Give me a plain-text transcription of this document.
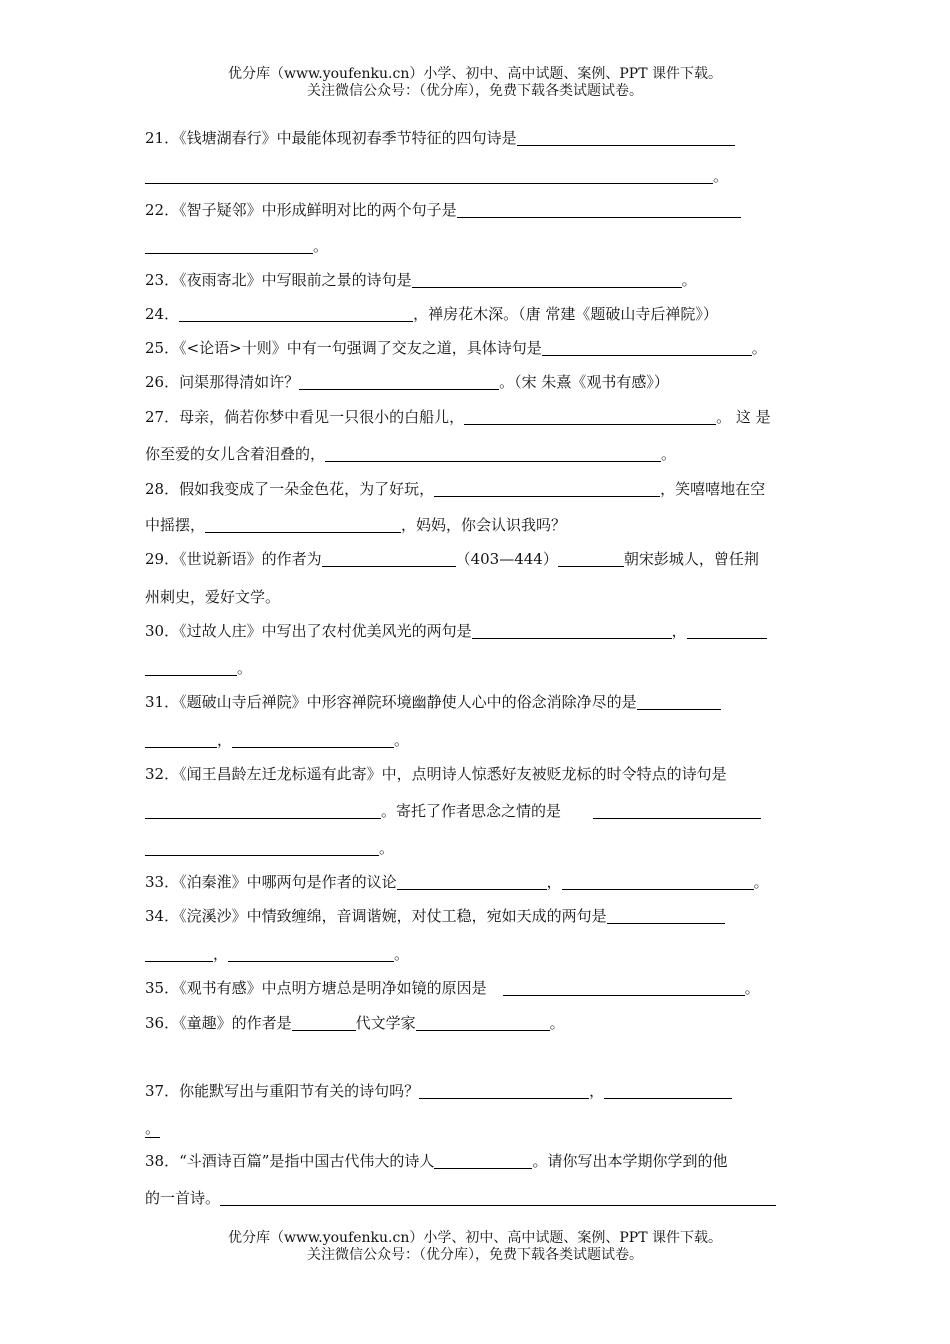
优分库（www.youfenku.cn）小学、初中、高中试题、案例、PPT 课件下载。
关注微信公众号：（优分库），免费下载各类试题试卷。
21．《钱塘湖春行》中最能体现初春季节特征的四句诗是
。
22．《智子疑邻》中形成鲜明对比的两个句子是
。
23．《夜雨寄北》中写眼前之景的诗句是	。
24．	，禅房花木深。（唐 常建《题破山寺后禅院》）
25．《<论语>十则》中有一句强调了交友之道，具体诗句是	。
26．问渠那得清如许？	。（宋 朱熹《观书有感》）
27．母亲，倘若你梦中看见一只很小的白船儿，	。 这 是
你至爱的女儿含着泪叠的，	。
28．假如我变成了一朵金色花，为了好玩，	，笑嘻嘻地在空
中摇摆，	，妈妈，你会认识我吗？
29．《世说新语》的作者为	（403—444）	朝宋彭城人，曾任荆
州刺史，爱好文学。
30．《过故人庄》中写出了农村优美风光的两句是	，
。
31．《题破山寺后禅院》中形容禅院环境幽静使人心中的俗念消除净尽的是
，	。
32．《闻王昌龄左迁龙标遥有此寄》中，点明诗人惊悉好友被贬龙标的时令特点的诗句是
。寄托了作者思念之情的是
。
33．《泊秦淮》中哪两句是作者的议论	，	。
34．《浣溪沙》中情致缠绵，音调谐婉，对仗工稳，宛如天成的两句是
，	。
35．《观书有感》中点明方塘总是明净如镜的原因是	。
36．《童趣》的作者是	代文学家	。
37．你能默写出与重阳节有关的诗句吗？	，
。
38．“斗酒诗百篇”是指中国古代伟大的诗人	。请你写出本学期你学到的他
的一首诗。
优分库（www.youfenku.cn）小学、初中、高中试题、案例、PPT 课件下载。
关注微信公众号：（优分库），免费下载各类试题试卷。
